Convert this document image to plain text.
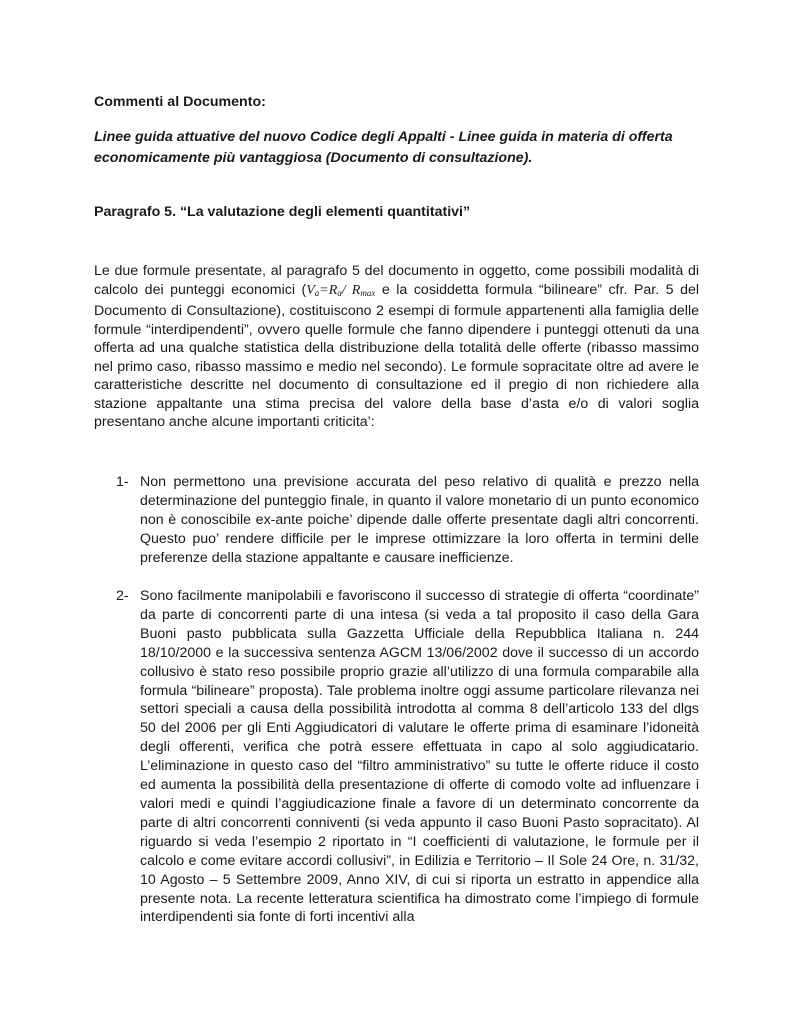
Commenti al Documento:
Linee guida attuative del nuovo Codice degli Appalti - Linee guida in materia di offerta economicamente più vantaggiosa (Documento di consultazione).
Paragrafo 5. “La valutazione degli elementi quantitativi”

Le due formule presentate, al paragrafo 5 del documento in oggetto, come possibili modalità di calcolo dei punteggi economici ($V_a=R_a/$ $R_{max}$ e la cosiddetta formula “bilineare” cfr. Par. 5 del Documento di Consultazione), costituiscono 2 esempi di formule appartenenti alla famiglia delle formule “interdipendenti”, ovvero quelle formule che fanno dipendere i punteggi ottenuti da una offerta ad una qualche statistica della distribuzione della totalità delle offerte (ribasso massimo nel primo caso, ribasso massimo e medio nel secondo). Le formule sopracitate oltre ad avere le caratteristiche descritte nel documento di consultazione ed il pregio di non richiedere alla stazione appaltante una stima precisa del valore della base d’asta e/o di valori soglia presentano anche alcune importanti criticita’:

1- Non permettono una previsione accurata del peso relativo di qualità e prezzo nella determinazione del punteggio finale, in quanto il valore monetario di un punto economico non è conoscibile ex-ante poiche’ dipende dalle offerte presentate dagli altri concorrenti. Questo puo’ rendere difficile per le imprese ottimizzare la loro offerta in termini delle preferenze della stazione appaltante e causare inefficienze.

2- Sono facilmente manipolabili e favoriscono il successo di strategie di offerta “coordinate” da parte di concorrenti parte di una intesa (si veda a tal proposito il caso della Gara Buoni pasto pubblicata sulla Gazzetta Ufficiale della Repubblica Italiana n. 244 18/10/2000 e la successiva sentenza AGCM 13/06/2002 dove il successo di un accordo collusivo è stato reso possibile proprio grazie all’utilizzo di una formula comparabile alla formula “bilineare” proposta). Tale problema inoltre oggi assume particolare rilevanza nei settori speciali a causa della possibilità introdotta al comma 8 dell’articolo 133 del dlgs 50 del 2006 per gli Enti Aggiudicatori di valutare le offerte prima di esaminare l’idoneità degli offerenti, verifica che potrà essere effettuata in capo al solo aggiudicatario. L’eliminazione in questo caso del “filtro amministrativo” su tutte le offerte riduce il costo ed aumenta la possibilità della presentazione di offerte di comodo volte ad influenzare i valori medi e quindi l’aggiudicazione finale a favore di un determinato concorrente da parte di altri concorrenti conniventi (si veda appunto il caso Buoni Pasto sopracitato). Al riguardo si veda l’esempio 2 riportato in “I coefficienti di valutazione, le formule per il calcolo e come evitare accordi collusivi”, in Edilizia e Territorio – Il Sole 24 Ore, n. 31/32, 10 Agosto – 5 Settembre 2009, Anno XIV, di cui si riporta un estratto in appendice alla presente nota. La recente letteratura scientifica ha dimostrato come l’impiego di formule interdipendenti sia fonte di forti incentivi alla
